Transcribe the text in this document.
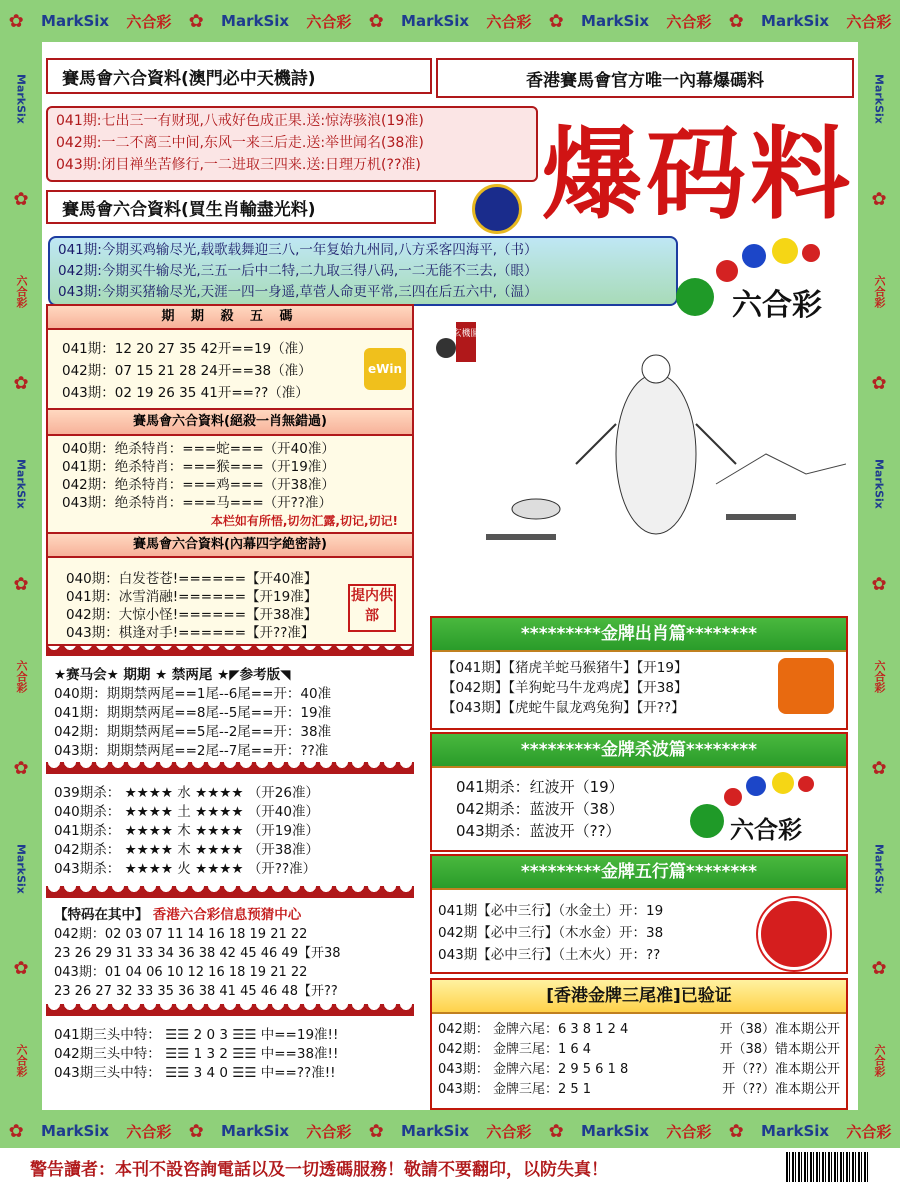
✿ MarkSix 六合彩 ✿ MarkSix 六合彩 ✿ MarkSix 六合彩 ✿ MarkSix 六合彩 ✿ MarkSix 六合彩
✿ MarkSix 六合彩 ✿ MarkSix 六合彩 ✿ MarkSix 六合彩 ✿ MarkSix 六合彩 ✿ MarkSix 六合彩
MarkSix
✿
六合彩
✿
MarkSix
✿
六合彩
✿
MarkSix
✿
六合彩
MarkSix
✿
六合彩
✿
MarkSix
✿
六合彩
✿
MarkSix
✿
六合彩
賽馬會六合資料(澳門必中天機詩)	香港賽馬會官方唯一內幕爆碼料
041期:七出三一有财现,八戒好色成正果.送:惊涛骇浪(19准)
042期:一二不离三中间,东风一来三后走.送:举世闻名(38准)
043期:闭目禅坐苦修行,一二进取三四来.送:日理万机(??准)	爆码料
賽馬會六合資料(買生肖輸盡光料)
041期:今期买鸡输尽光,载歌载舞迎三八,一年复始九州同,八方采客四海平,（书）
042期:今期买牛输尽光,三五一后中二特,二九取三得八码,一二无能不三去,（眼）
043期:今期买猪输尽光,天涯一四一身遥,草菅人命更平常,三四在后五六中,（温）	六合彩
期 期 殺 五 碼
041期：12 20 27 35 42开==19（准）
042期：07 15 21 28 24开==38（准）
043期：02 19 26 35 41开==??（准）
eWin
賽馬會六合資料(絕殺一肖無錯過)
040期：绝杀特肖：===蛇===（开40准）
041期：绝杀特肖：===猴===（开19准）
042期：绝杀特肖：===鸡===（开38准）
043期：绝杀特肖：===马===（开??准）
本栏如有所悟,切勿汇露,切记,切记!
賽馬會六合資料(內幕四字絶密詩)
040期：白发苍苍!======【开40准】
041期：冰雪消融!======【开19准】
042期：大惊小怪!======【开38准】
043期：棋逢对手!======【开??准】
提内供部
★赛马会★ 期期 ★ 禁两尾 ★◤参考版◥
040期：期期禁两尾==1尾--6尾==开：40准
041期：期期禁两尾==8尾--5尾==开：19准
042期：期期禁两尾==5尾--2尾==开：38准
043期：期期禁两尾==2尾--7尾==开：??准
039期杀： ★★★★ 水 ★★★★ （开26准）
040期杀： ★★★★ 土 ★★★★ （开40准）
041期杀： ★★★★ 木 ★★★★ （开19准）
042期杀： ★★★★ 木 ★★★★ （开38准）
043期杀： ★★★★ 火 ★★★★ （开??准）
【特码在其中】 香港六合彩信息预猜中心
042期：02 03 07 11 14 16 18 19 21 22
23 26 29 31 33 34 36 38 42 45 46 49【开38
043期：01 04 06 10 12 16 18 19 21 22
23 26 27 32 33 35 36 38 41 45 46 48【开??
041期三头中特： ☰☰ 2 0 3 ☰☰ 中==19准!!
042期三头中特： ☰☰ 1 3 2 ☰☰ 中==38准!!
043期三头中特： ☰☰ 3 4 0 ☰☰ 中==??准!!
玄機圖
*********金牌出肖篇********
【041期】【猪虎羊蛇马猴猪牛】【开19】
【042期】【羊狗蛇马牛龙鸡虎】【开38】
【043期】【虎蛇牛鼠龙鸡兔狗】【开??】
*********金牌杀波篇********
041期杀：红波开（19）
042期杀：蓝波开（38）
043期杀：蓝波开（??）	六合彩
*********金牌五行篇********
041期【必中三行】（水金土）开：19
042期【必中三行】（木水金）开：38
043期【必中三行】（土木火）开：??
[香港金牌三尾准]已验证
042期： 金牌六尾：6 3 8 1 2 4	开（38）准本期公开
042期： 金牌三尾：1 6 4	开（38）错本期公开
043期： 金牌六尾：2 9 5 6 1 8	开（??）准本期公开
043期： 金牌三尾：2 5 1	开（??）准本期公开
警告讀者：本刊不設咨詢電話以及一切透碼服務！敬請不要翻印，以防失真！
